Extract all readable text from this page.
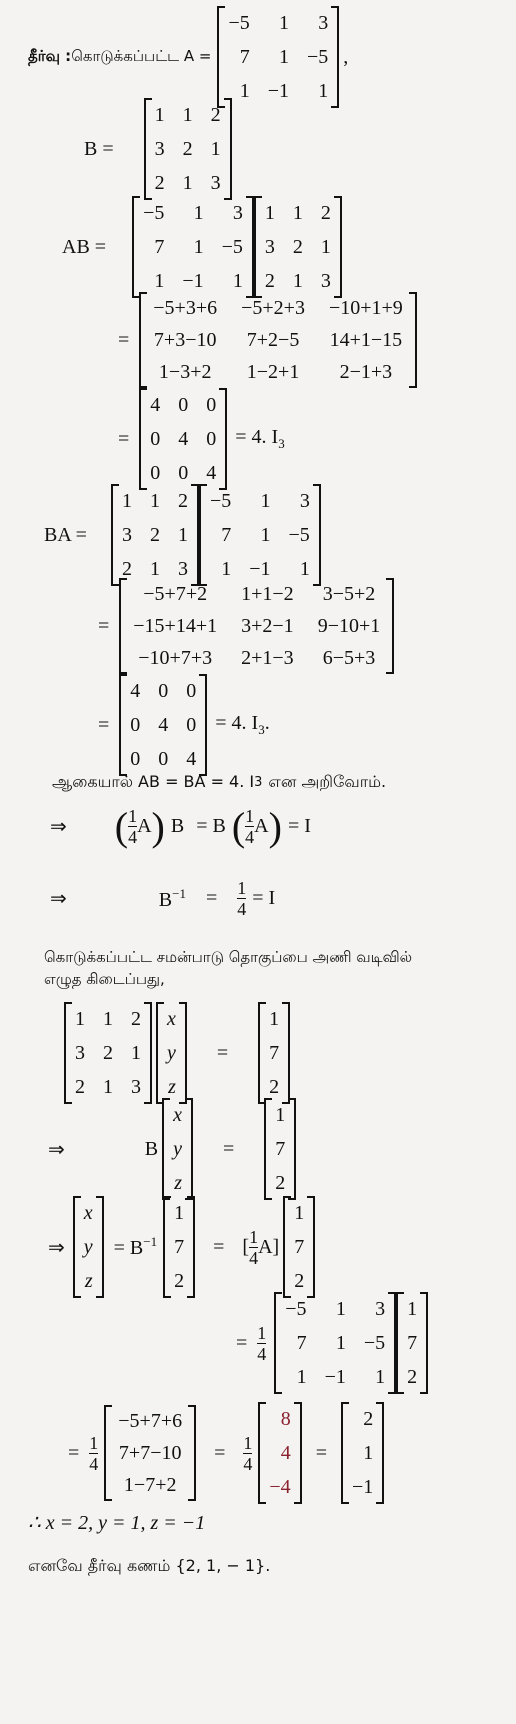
தீர்வு : கொடுக்கப்பட்ட A =
−5	1	3
7	1	−5
1	−1	1

,
B =
1	1	2
3	2	1
2	1	3

AB =
−5	1	3
7	1	−5
1	−1	1

1	1	2
3	2	1
2	1	3

=
−5+3+6	−5+2+3	−10+1+9
7+3−10	7+2−5	14+1−15
1−3+2	1−2+1	2−1+3

=
4	0	0
0	4	0
0	0	4

= 4. $I_3$
BA =
1	1	2
3	2	1
2	1	3

−5	1	3
7	1	−5
1	−1	1

=
−5+7+2	1+1−2	3−5+2
−15+14+1	3+2−1	9−10+1
−10+7+3	2+1−3	6−5+3

=
4	0	0
0	4	0
0	0	4

= 4. $I_3$.
ஆகையால் AB = BA = 4. I 3 என அறிவோம்.
⇒ ( $\frac{1}{4}$ A ) B = B ( $\frac{1}{4}$ A ) = I
⇒	$B^{-1} = \frac{1}{4} = I$
கொடுக்கப்பட்ட சமன்பாடு தொகுப்பை அணி வடிவில்
எழுத கிடைப்பது,
1	1	2
3	2	1
2	1	3

x
y
z

=
1
7
2

⇒	B
x
y
z

=
1
7
2

⇒
x
y
z

= $B^{-1}$
1
7
2

= [ $\frac{1}{4}$ A ]
1
7
2

= $\frac{1}{4}$
−5	1	3
7	1	−5
1	−1	1

1
7
2

= $\frac{1}{4}$
−5+7+6
7+7−10
1−7+2

= $\frac{1}{4}$
8
4
−4

=
2
1
−1

∴ x = 2, y = 1, z = −1
எனவே தீர்வு கணம் {2, 1, − 1}.
